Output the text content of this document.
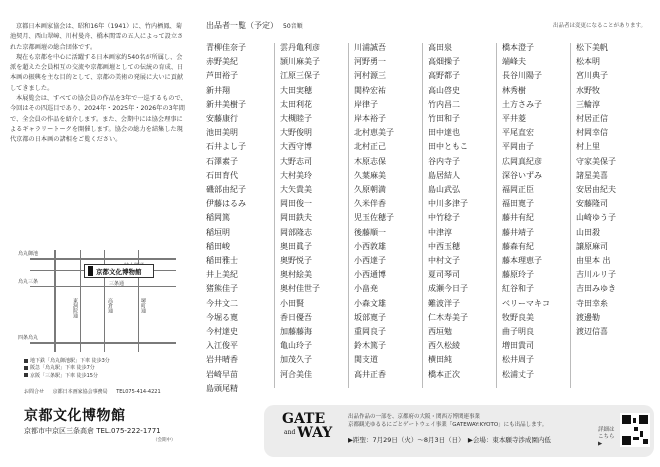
京都日本画家協会は、昭和16年（1941）に、竹内栖鳳、菊池契月、西山翠嶂、川村曼舟、橋本関雪の五人によって設立された京都画壇の総合団体です。

現在も京都を中心に活躍する日本画家約540名が所属し、会派を超えた会員相互の交流や京都画壇としての伝統の育成、日本画の振興を主な目的として、京都の美術の発展に大いに貢献してきました。

本展覧会は、すべての協会員の作品を3年で一巡するもので、今回はその四巡目であり、2024年・2025年・2026年の3年間で、全会員の作品を紹介します。また、会期中には協会理事によるギャラリートークを開催します。協会の総力を結集した現代京都の日本画の諸相をご覧ください。

烏丸御池
烏丸三条	三条通
東洞院通	高倉通	堺町通
四条烏丸
京都文化博物館
地下鉄「烏丸御池駅」下車 徒歩3分
阪急「烏丸駅」下車 徒歩7分
京阪「三条駅」下車 徒歩15分
お問合せ 京都日本画家協会事務局 TEL075-414-4221
京都文化博物館
京都市中京区三条高倉 TEL.075-222-1771
（会期中）
出品者一覧（予定） 50音順	出品者は変更になることがあります。
青柳佳奈子
赤野美紀
芦田裕子
新井翔
新井美樹子
安藤康行
池田美明
石井よし子
石澤素子
石田育代
磯部由紀子
伊藤はるみ
稲岡篤
稲垣明
稲田峻
稲田雅士
井上美紀
猪熊佳子
今井文二
今堀る寛
今村達史
入江俊平
岩井晴香
岩崎早苗
島頭尾精
雲丹亀利彦
頴川麻美子
江原三保子
大田実穂
太田利花
大槻睦子
大野俊明
大西守博
大野志司
大村美玲
大矢貴美
岡田俊一
岡田鉄夫
岡部隆志
奥田眞子
奥野悦子
奥村絵美
奥村佳世子
小田賢
香日優吾
加藤藤海
亀山玲子
加茂久子
河合美佳
川浦誠吾
河野勇一
河村源三
関枠宏祐
岸律子
岸本裕子
北村恵美子
北村正己
木原志保
久葉麻美
久原朝満
久米伴香
児玉佐穂子
後藤順一
小西敦雄
小西達子
小西通博
小畠尭
小森文雄
坂部寛子
重岡良子
鈴木篤子
関支道
高井正香
高田泉
高畑操子
高野都子
高山啓史
竹内昌二
竹田和子
田中達也
田中ともこ
谷内寺子
島居結人
島山武弘
中川多津子
中竹稔子
中津淳
中西玉穂
中村文子
夏司琴司
成瀬今日子
難波洋子
仁木寿美子
西垣勉
西久松綾
横田純
橋本正次
橋本澄子
端峰夫
長谷川陽子
林秀樹
土方さみ子
平井菱
平尾直宏
平岡由子
広岡真紀彦
深谷いずみ
福岡正臣
福田寛子
藤井有紀
藤井靖子
藤森有紀
藤本理恵子
藤原玲子
紅谷和子
ベリーマキコ
牧野良美
曲子明良
増田貴司
松井周子
松浦丈子
松下美帆
松本明
宮川典子
水野牧
三輪淳
村居正信
村岡幸信
村上里
守家美保子
諸星美喜
安居由紀夫
安藤隆司
山崎ゆう子
山田殺
譲原麻司
由里本 出
吉川ルリ子
吉田みゆき
寺田幸糸
渡邊勒
渡辺信喜
GATE
and WAY
出品作品の一部を、京都府の大阪・関西万博関連事業
京都観光ゆるるにごとゲートウェイ事業「GATEWAY:KYOTO」にも出品します。
▶距聖：7月29日（火）〜8月3日（日）　▶会場：東本願寺渉成園内低
詳細はこちら▶
